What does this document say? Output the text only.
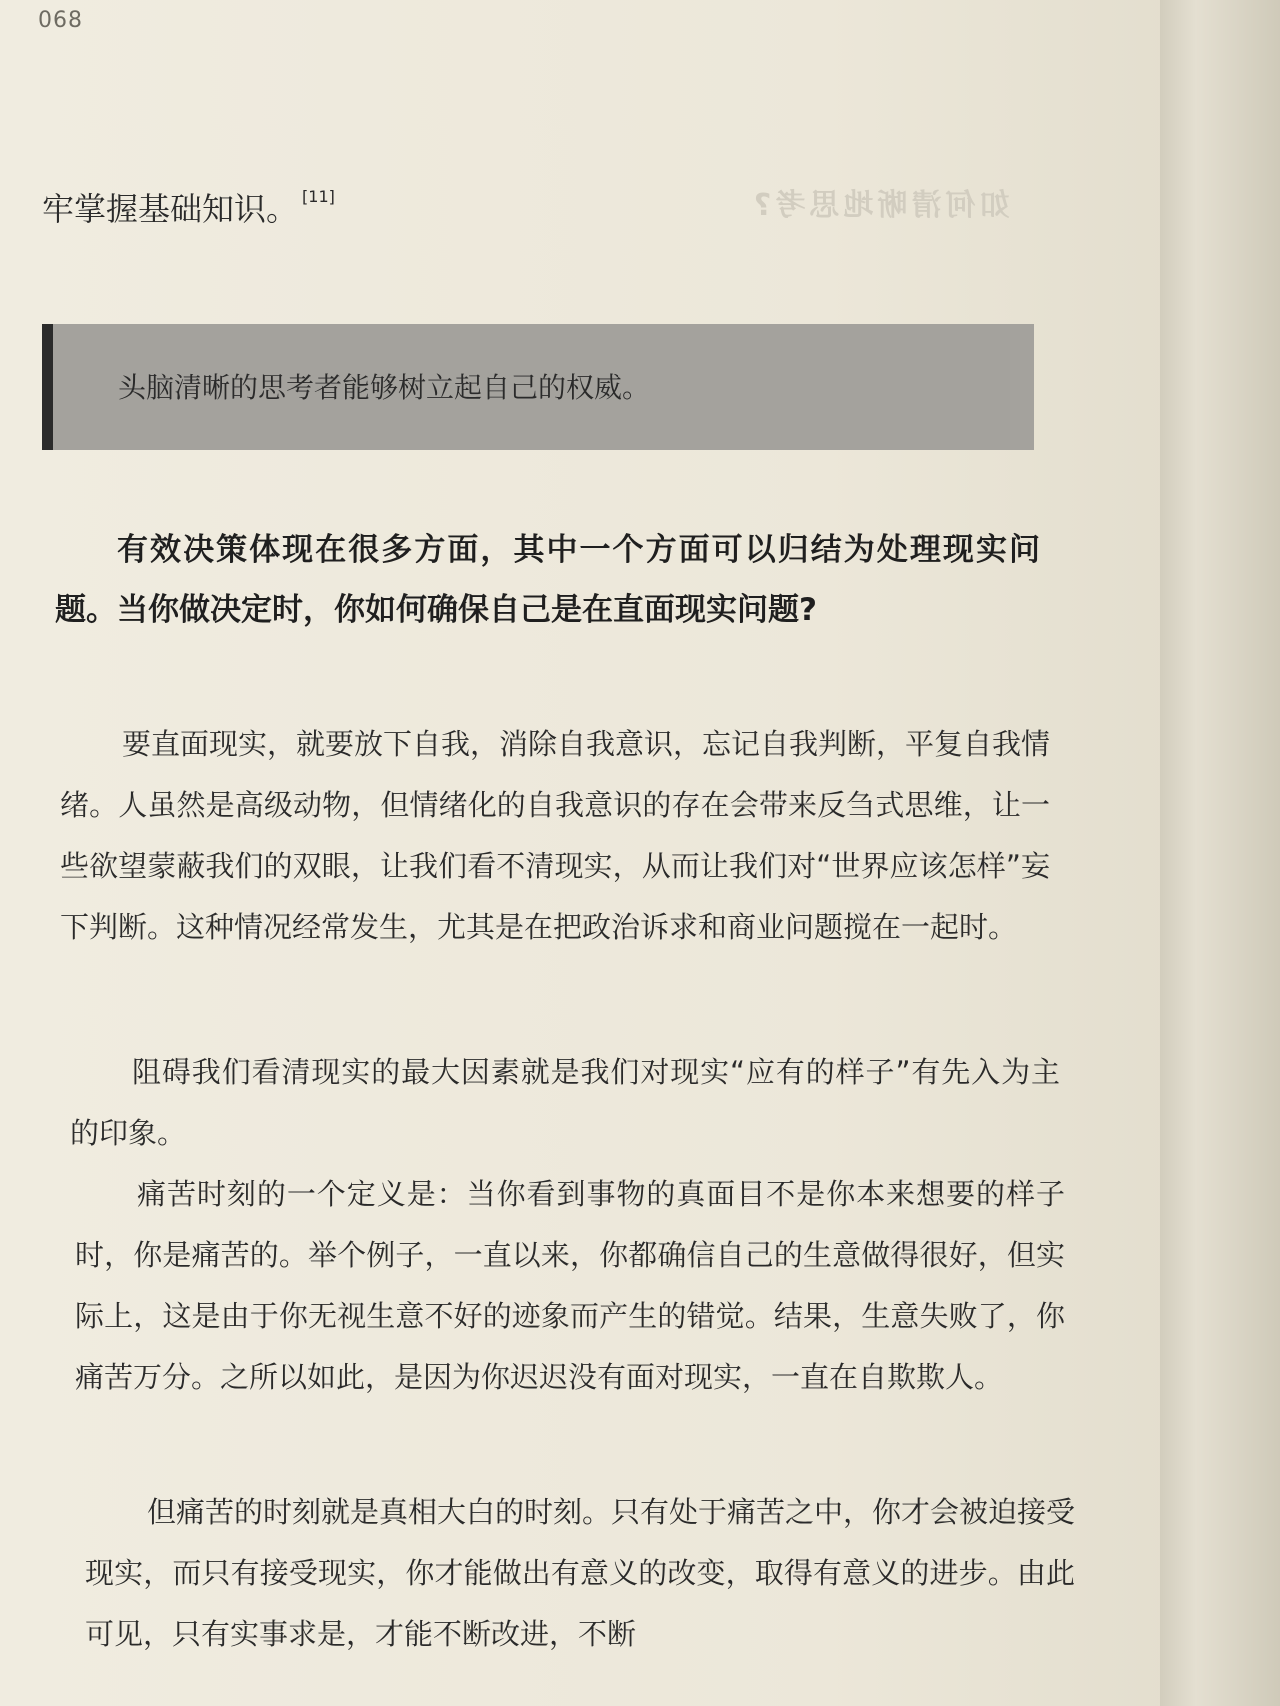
068
如何清晰地思考?
牢掌握基础知识。 [11]
头脑清晰的思考者能够树立起自己的权威。
有效决策体现在很多方面，其中一个方面可以归结为处理现实问题。当你做决定时，你如何确保自己是在直面现实问题?

要直面现实，就要放下自我，消除自我意识，忘记自我判断，平复自我情绪。人虽然是高级动物，但情绪化的自我意识的存在会带来反刍式思维，让一些欲望蒙蔽我们的双眼，让我们看不清现实，从而让我们对“世界应该怎样”妄下判断。这种情况经常发生，尤其是在把政治诉求和商业问题搅在一起时。

阻碍我们看清现实的最大因素就是我们对现实“应有的样子”有先入为主的印象。

痛苦时刻的一个定义是：当你看到事物的真面目不是你本来想要的样子时，你是痛苦的。举个例子，一直以来，你都确信自己的生意做得很好，但实际上，这是由于你无视生意不好的迹象而产生的错觉。结果，生意失败了，你痛苦万分。之所以如此，是因为你迟迟没有面对现实，一直在自欺欺人。

但痛苦的时刻就是真相大白的时刻。只有处于痛苦之中，你才会被迫接受现实，而只有接受现实，你才能做出有意义的改变，取得有意义的进步。由此可见，只有实事求是，才能不断改进，不断
